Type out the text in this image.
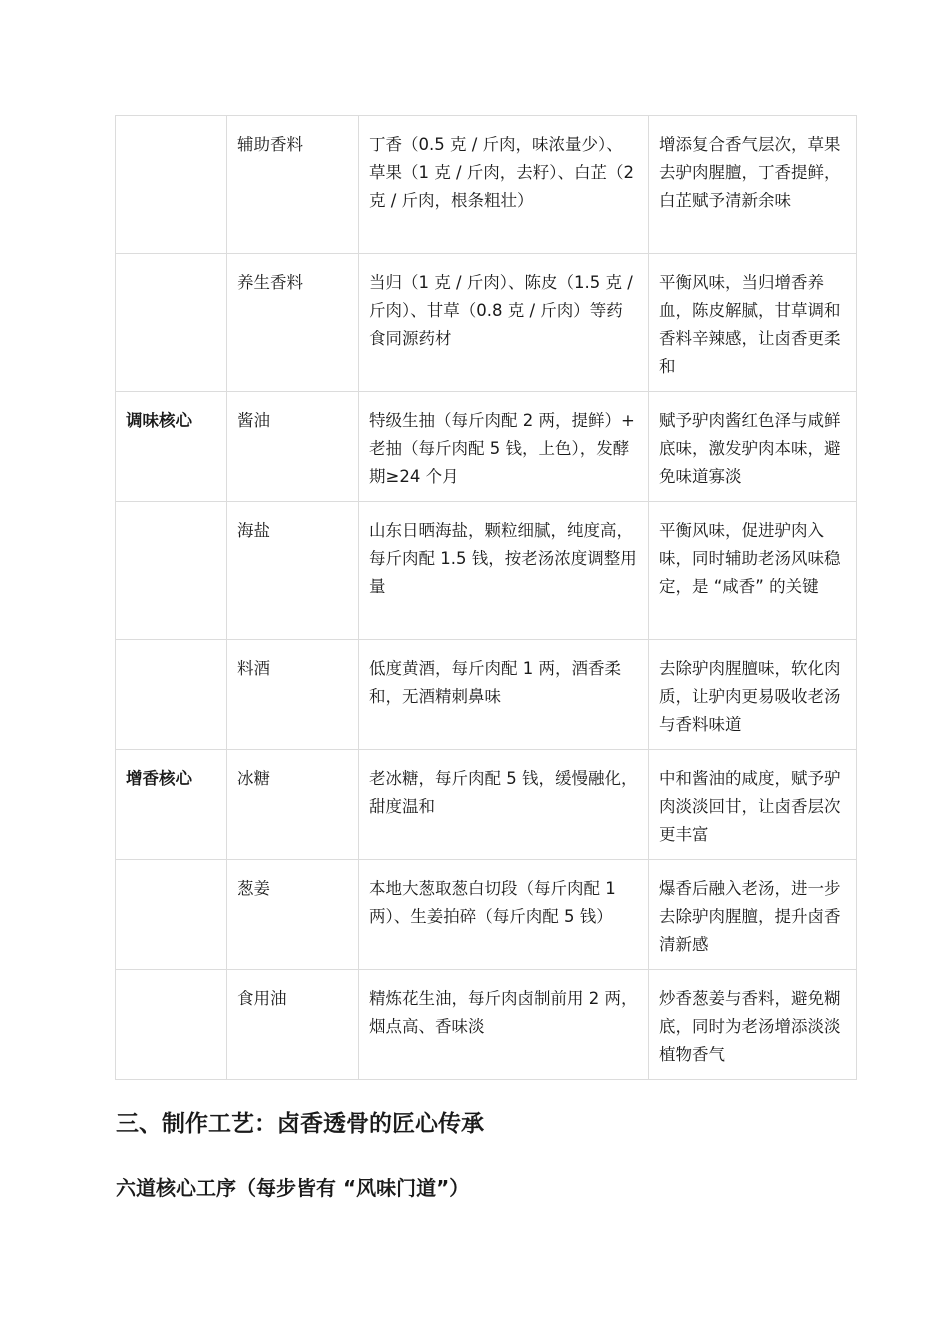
	辅助香料	丁香（0.5 克 / 斤肉，味浓量少）、草果（1 克 / 斤肉，去籽）、白芷（2 克 / 斤肉，根条粗壮）	增添复合香气层次，草果去驴肉腥膻，丁香提鲜，白芷赋予清新余味
	养生香料	当归（1 克 / 斤肉）、陈皮（1.5 克 / 斤肉）、甘草（0.8 克 / 斤肉）等药食同源药材	平衡风味，当归增香养血，陈皮解腻，甘草调和香料辛辣感，让卤香更柔和
调味核心	酱油	特级生抽（每斤肉配 2 两，提鲜）+ 老抽（每斤肉配 5 钱，上色），发酵期≥24 个月	赋予驴肉酱红色泽与咸鲜底味，激发驴肉本味，避免味道寡淡
	海盐	山东日晒海盐，颗粒细腻，纯度高，每斤肉配 1.5 钱，按老汤浓度调整用量	平衡风味，促进驴肉入味，同时辅助老汤风味稳定，是 “咸香” 的关键
	料酒	低度黄酒，每斤肉配 1 两，酒香柔和，无酒精刺鼻味	去除驴肉腥膻味，软化肉质，让驴肉更易吸收老汤与香料味道
增香核心	冰糖	老冰糖，每斤肉配 5 钱，缓慢融化，甜度温和	中和酱油的咸度，赋予驴肉淡淡回甘，让卤香层次更丰富
	葱姜	本地大葱取葱白切段（每斤肉配 1 两）、生姜拍碎（每斤肉配 5 钱）	爆香后融入老汤，进一步去除驴肉腥膻，提升卤香清新感
	食用油	精炼花生油，每斤肉卤制前用 2 两，烟点高、香味淡	炒香葱姜与香料，避免糊底，同时为老汤增添淡淡植物香气
三、制作工艺：卤香透骨的匠心传承
六道核心工序（每步皆有 “风味门道”）
